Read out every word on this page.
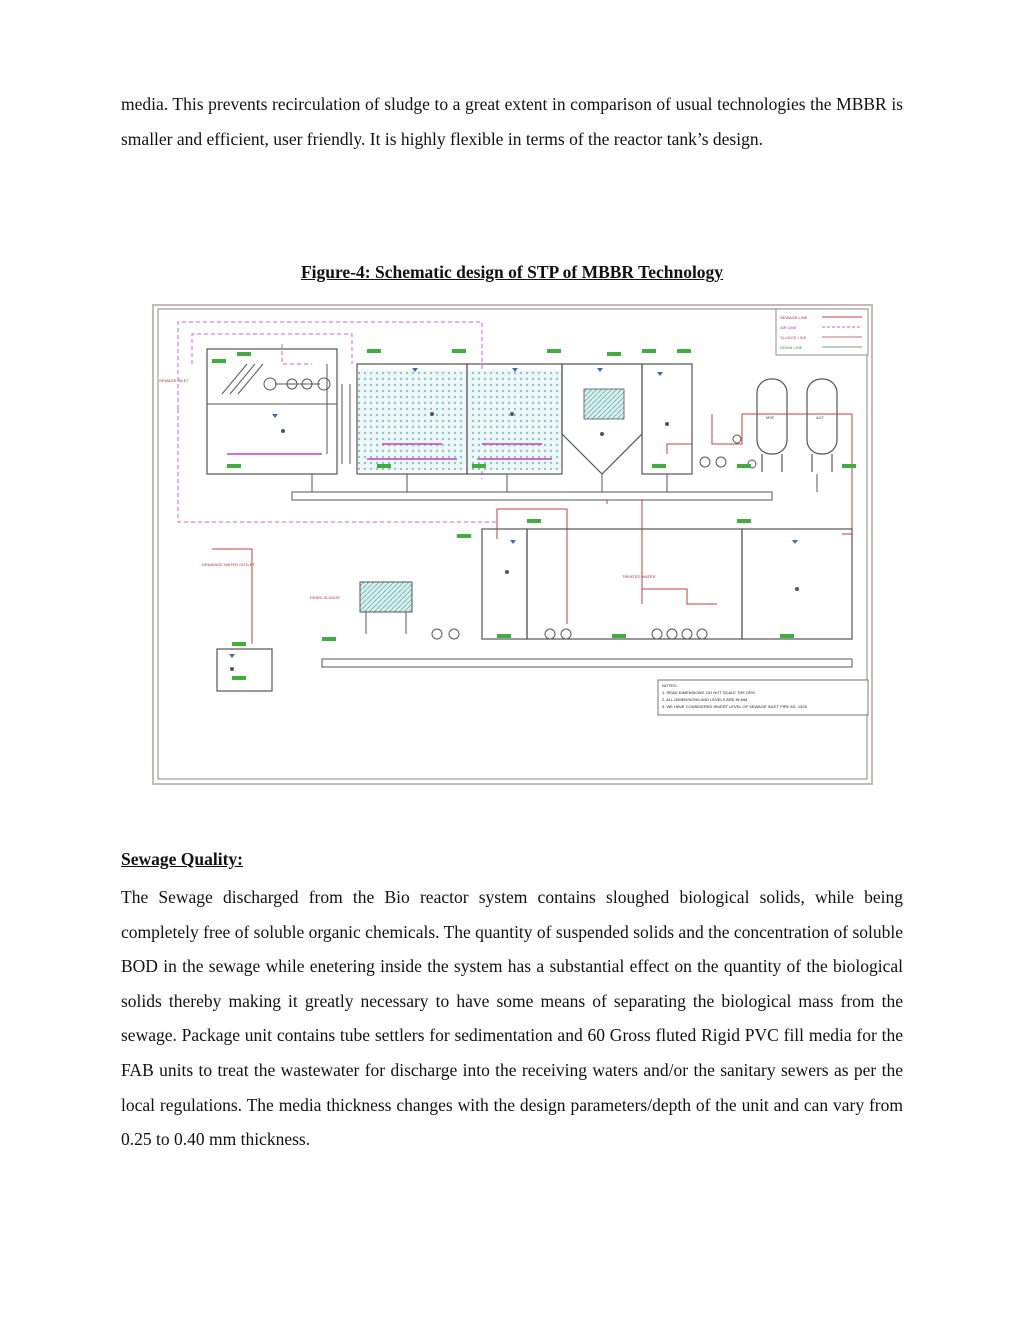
media. This prevents recirculation of sludge to a great extent in comparison of usual technologies the MBBR is smaller and efficient, user friendly. It is highly flexible in terms of the reactor tank’s design.

Figure-4: Schematic design of STP of MBBR Technology

SEWAGE LINE
AIR LINE
SLUDGE LINE
DRAIN LINE
MSF	ACF
TREATED WATER
DRIED SLUDGE
DRAINAGE WATER OUTLET
SEWAGE INLET
NOTES:-
1. READ DIMENSIONS. DO NOT SCALE THE DRG.
2. ALL DIMENSIONS AND LEVELS ARE IN MM.
3. WE HAVE CONSIDERED INVERT LEVEL OF SEWAGE INLET PIPE AS -1525

Sewage Quality:

The Sewage discharged from the Bio reactor system contains sloughed biological solids, while being completely free of soluble organic chemicals. The quantity of suspended solids and the concentration of soluble BOD in the sewage while enetering inside the system has a substantial effect on the quantity of the biological solids thereby making it greatly necessary to have some means of separating the biological mass from the sewage. Package unit contains tube settlers for sedimentation and 60 Gross fluted Rigid PVC fill media for the FAB units to treat the wastewater for discharge into the receiving waters and/or the sanitary sewers as per the local regulations. The media thickness changes with the design parameters/depth of the unit and can vary from 0.25 to 0.40 mm thickness.
